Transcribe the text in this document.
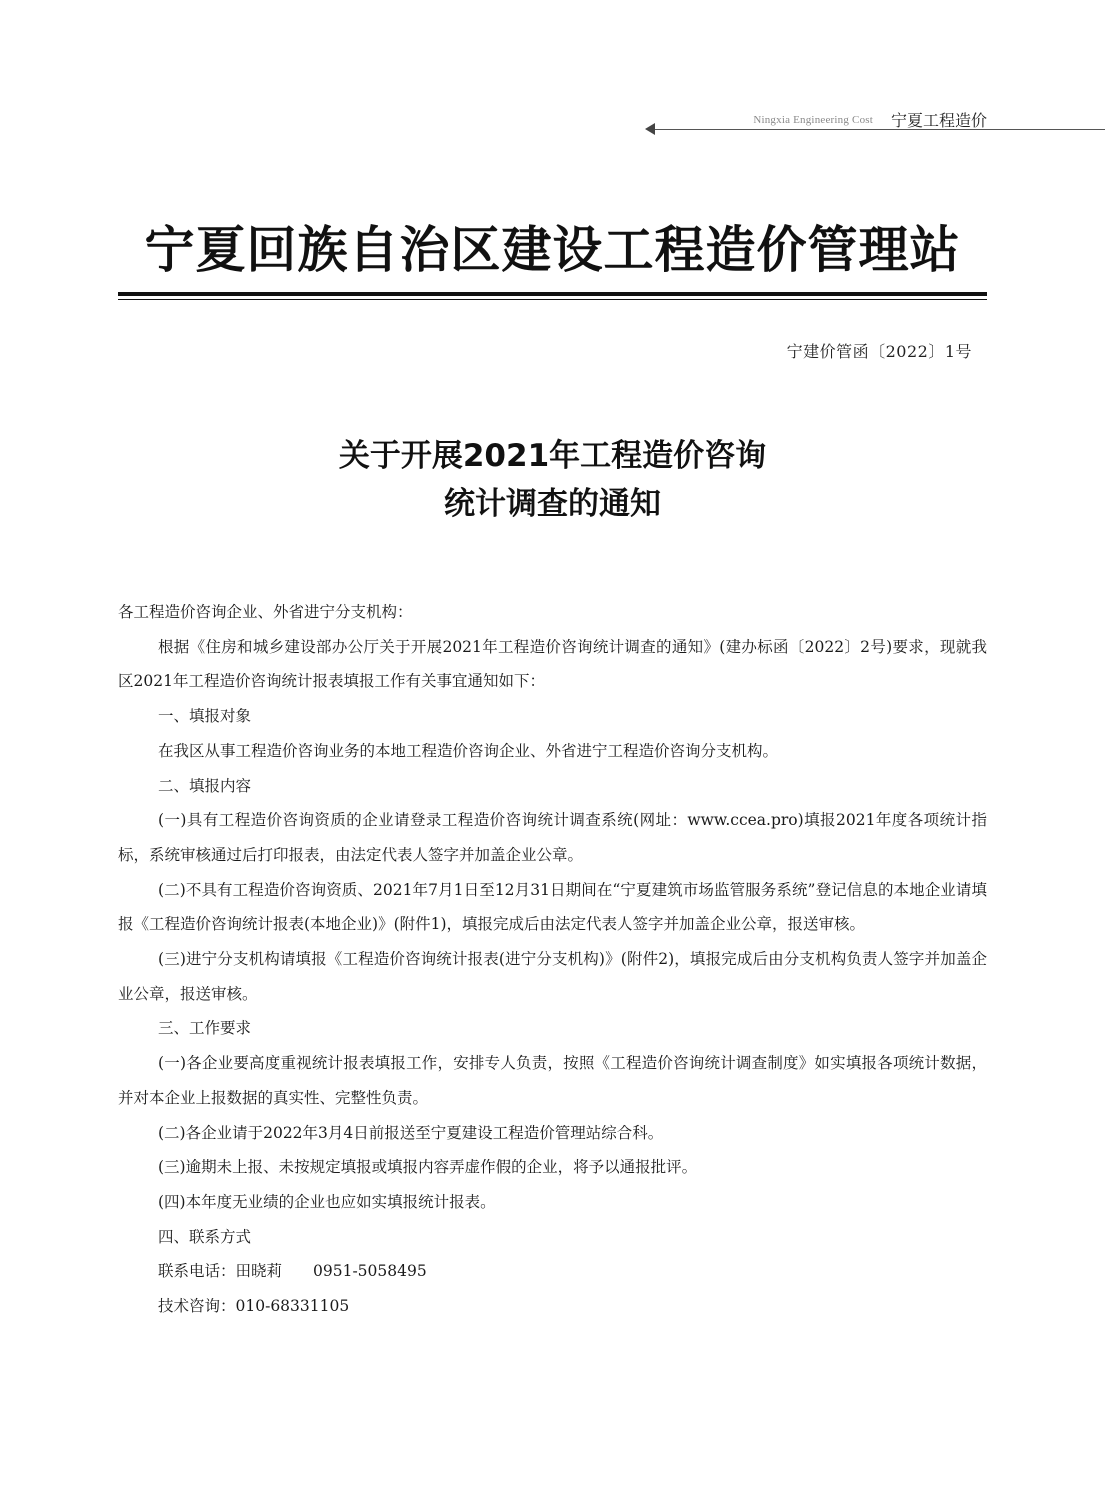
Ningxia Engineering Cost 宁夏工程造价
宁夏回族自治区建设工程造价管理站
宁建价管函〔2022〕1号
关于开展2021年工程造价咨询
统计调查的通知

各工程造价咨询企业、外省进宁分支机构：

根据《住房和城乡建设部办公厅关于开展2021年工程造价咨询统计调查的通知》(建办标函〔2022〕2号)要求，现就我区2021年工程造价咨询统计报表填报工作有关事宜通知如下：

一、填报对象

在我区从事工程造价咨询业务的本地工程造价咨询企业、外省进宁工程造价咨询分支机构。

二、填报内容

(一)具有工程造价咨询资质的企业请登录工程造价咨询统计调查系统(网址：www.ccea.pro)填报2021年度各项统计指标，系统审核通过后打印报表，由法定代表人签字并加盖企业公章。

(二)不具有工程造价咨询资质、2021年7月1日至12月31日期间在“宁夏建筑市场监管服务系统”登记信息的本地企业请填报《工程造价咨询统计报表(本地企业)》(附件1)，填报完成后由法定代表人签字并加盖企业公章，报送审核。

(三)进宁分支机构请填报《工程造价咨询统计报表(进宁分支机构)》(附件2)，填报完成后由分支机构负责人签字并加盖企业公章，报送审核。

三、工作要求

(一)各企业要高度重视统计报表填报工作，安排专人负责，按照《工程造价咨询统计调查制度》如实填报各项统计数据，并对本企业上报数据的真实性、完整性负责。

(二)各企业请于2022年3月4日前报送至宁夏建设工程造价管理站综合科。

(三)逾期未上报、未按规定填报或填报内容弄虚作假的企业，将予以通报批评。

(四)本年度无业绩的企业也应如实填报统计报表。

四、联系方式

联系电话：田晓莉　　0951-5058495

技术咨询：010-68331105
